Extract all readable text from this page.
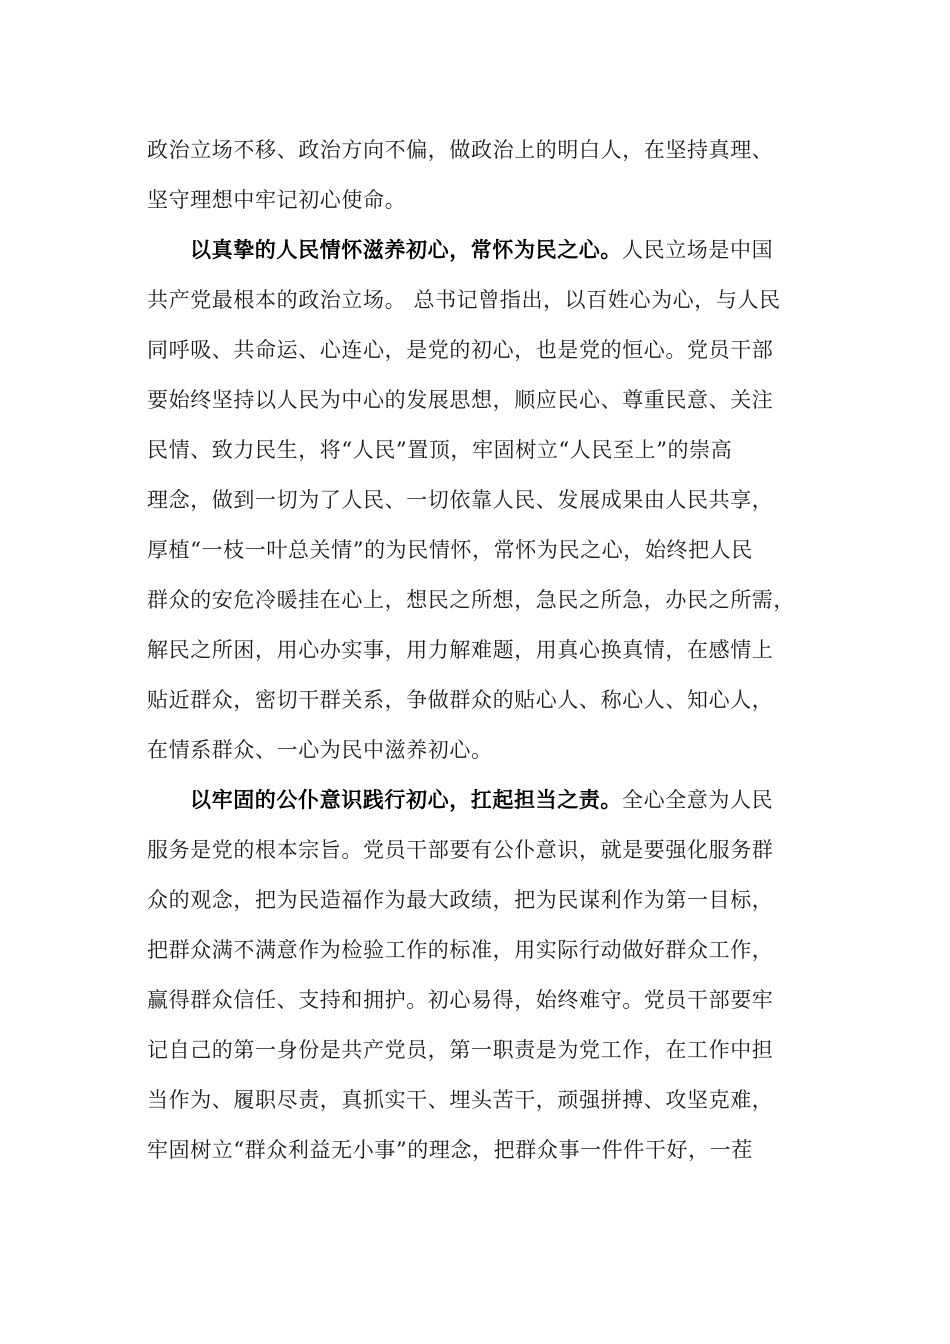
政治立场不移、政治方向不偏，做政治上的明白人，在坚持真理、
坚守理想中牢记初心使命。
以真挚的人民情怀滋养初心，常怀为民之心。人民立场是中国
共产党最根本的政治立场。 总书记曾指出，以百姓心为心，与人民
同呼吸、共命运、心连心，是党的初心，也是党的恒心。党员干部
要始终坚持以人民为中心的发展思想，顺应民心、尊重民意、关注
民情、致力民生，将“人民”置顶，牢固树立“人民至上”的崇高
理念，做到一切为了人民、一切依靠人民、发展成果由人民共享，
厚植“一枝一叶总关情”的为民情怀，常怀为民之心，始终把人民
群众的安危冷暖挂在心上，想民之所想，急民之所急，办民之所需，
解民之所困，用心办实事，用力解难题，用真心换真情，在感情上
贴近群众，密切干群关系，争做群众的贴心人、称心人、知心人，
在情系群众、一心为民中滋养初心。
以牢固的公仆意识践行初心，扛起担当之责。全心全意为人民
服务是党的根本宗旨。党员干部要有公仆意识，就是要强化服务群
众的观念，把为民造福作为最大政绩，把为民谋利作为第一目标，
把群众满不满意作为检验工作的标准，用实际行动做好群众工作，
赢得群众信任、支持和拥护。初心易得，始终难守。党员干部要牢
记自己的第一身份是共产党员，第一职责是为党工作，在工作中担
当作为、履职尽责，真抓实干、埋头苦干，顽强拼搏、攻坚克难，
牢固树立“群众利益无小事”的理念，把群众事一件件干好，一茬
